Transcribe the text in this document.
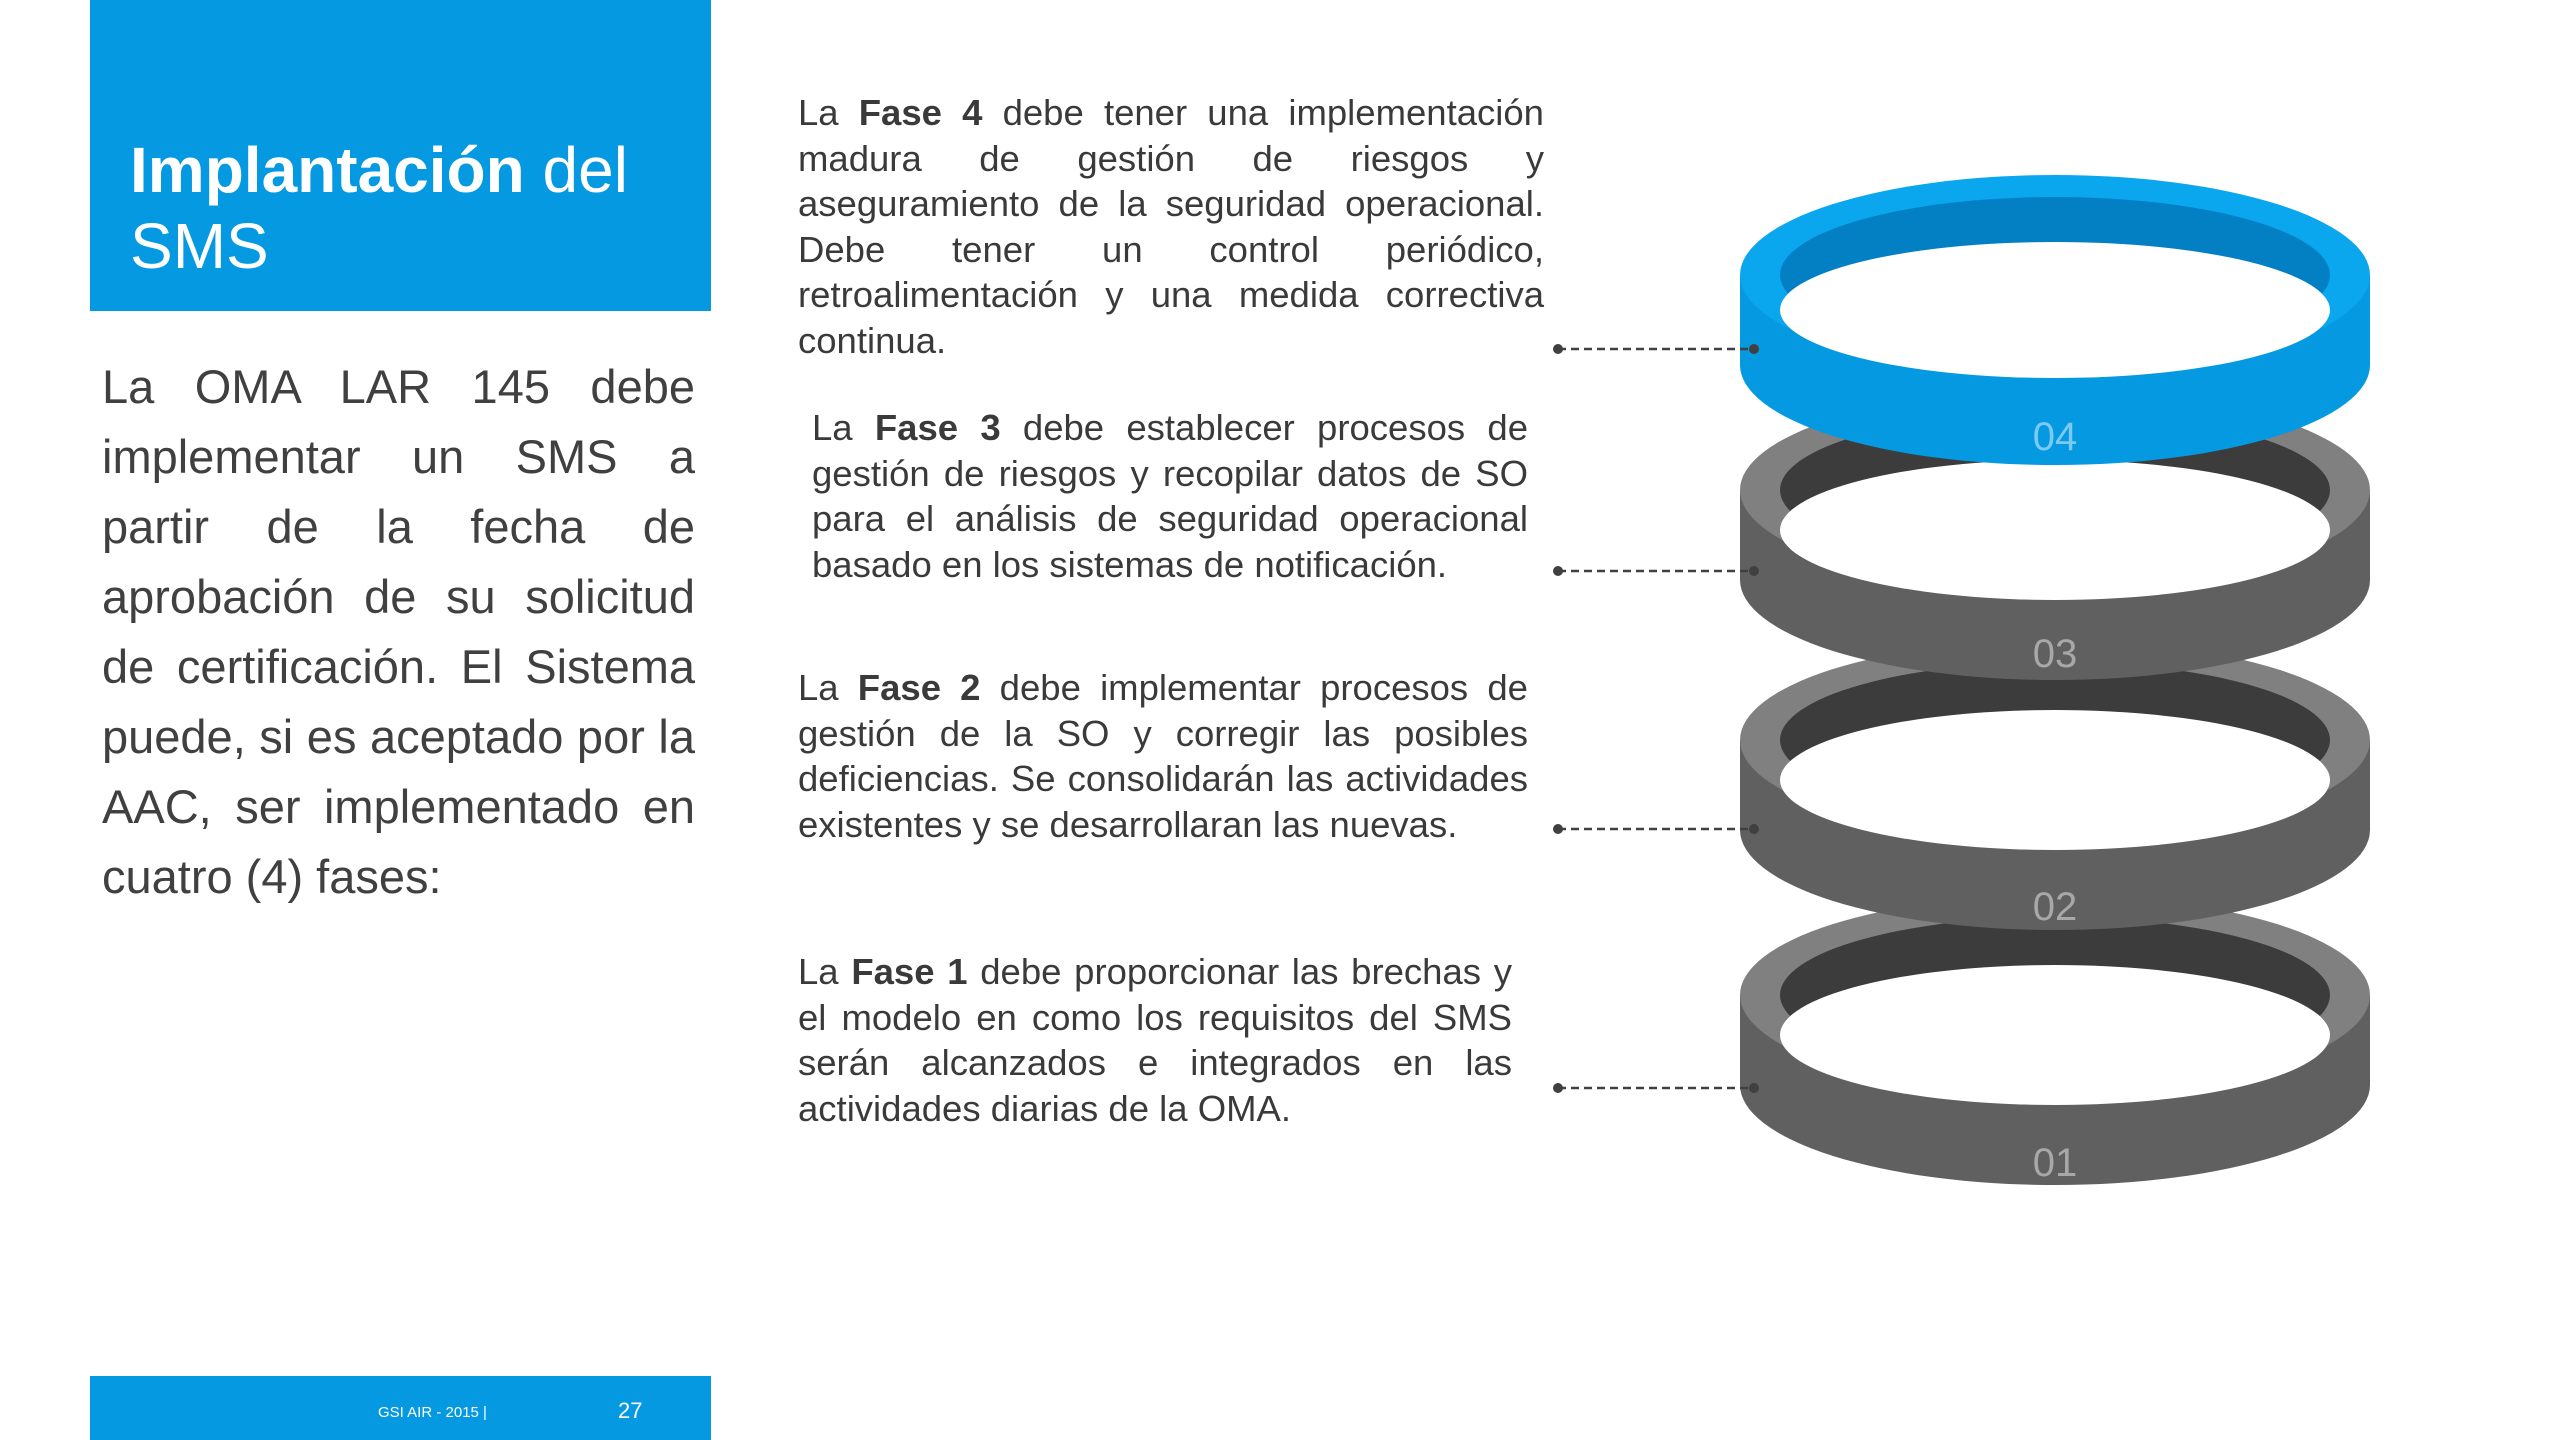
Implantación del SMS
La OMA LAR 145 debe implementar un SMS a partir de la fecha de aprobación de su solicitud de certificación. El Sistema puede, si es aceptado por la AAC, ser implementado en cuatro (4) fases:
La Fase 4 debe tener una implementación madura de gestión de riesgos y aseguramiento de la seguridad operacional. Debe tener un control periódico, retroalimentación y una medida correctiva continua.
La Fase 3 debe establecer procesos de gestión de riesgos y recopilar datos de SO para el análisis de seguridad operacional basado en los sistemas de notificación.
La Fase 2 debe implementar procesos de gestión de la SO y corregir las posibles deficiencias. Se consolidarán las actividades existentes y se desarrollaran las nuevas.
La Fase 1 debe proporcionar las brechas y el modelo en como los requisitos del SMS serán alcanzados e integrados en las actividades diarias de la OMA.
01
02
03
04
GSI AIR - 2015 |	27
